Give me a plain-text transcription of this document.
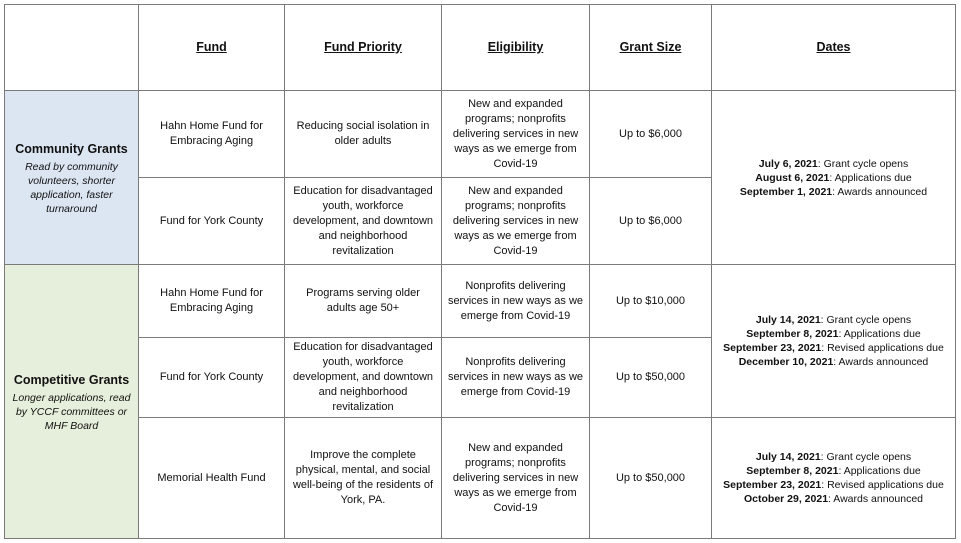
	Fund	Fund Priority	Eligibility	Grant Size	Dates

Community Grants
Read by community volunteers, shorter application, faster turnaround	Hahn Home Fund for Embracing Aging	Reducing social isolation in older adults	New and expanded programs; nonprofits delivering services in new ways as we emerge from Covid-19	Up to $6,000	July 6, 2021: Grant cycle opens
August 6, 2021: Applications due
September 1, 2021: Awards announced

	Fund for York County	Education for disadvantaged youth, workforce development, and downtown and neighborhood revitalization	New and expanded programs; nonprofits delivering services in new ways as we emerge from Covid-19	Up to $6,000	

Competitive Grants
Longer applications, read by YCCF committees or MHF Board	Hahn Home Fund for Embracing Aging	Programs serving older adults age 50+	Nonprofits delivering services in new ways as we emerge from Covid-19	Up to $10,000	July 14, 2021: Grant cycle opens
September 8, 2021: Applications due
September 23, 2021: Revised applications due
December 10, 2021: Awards announced

	Fund for York County	Education for disadvantaged youth, workforce development, and downtown and neighborhood revitalization	Nonprofits delivering services in new ways as we emerge from Covid-19	Up to $50,000	
	Memorial Health Fund	Improve the complete physical, mental, and social well-being of the residents of York, PA.	New and expanded programs; nonprofits delivering services in new ways as we emerge from Covid-19	Up to $50,000	July 14, 2021: Grant cycle opens
September 8, 2021: Applications due
September 23, 2021: Revised applications due
October 29, 2021: Awards announced
